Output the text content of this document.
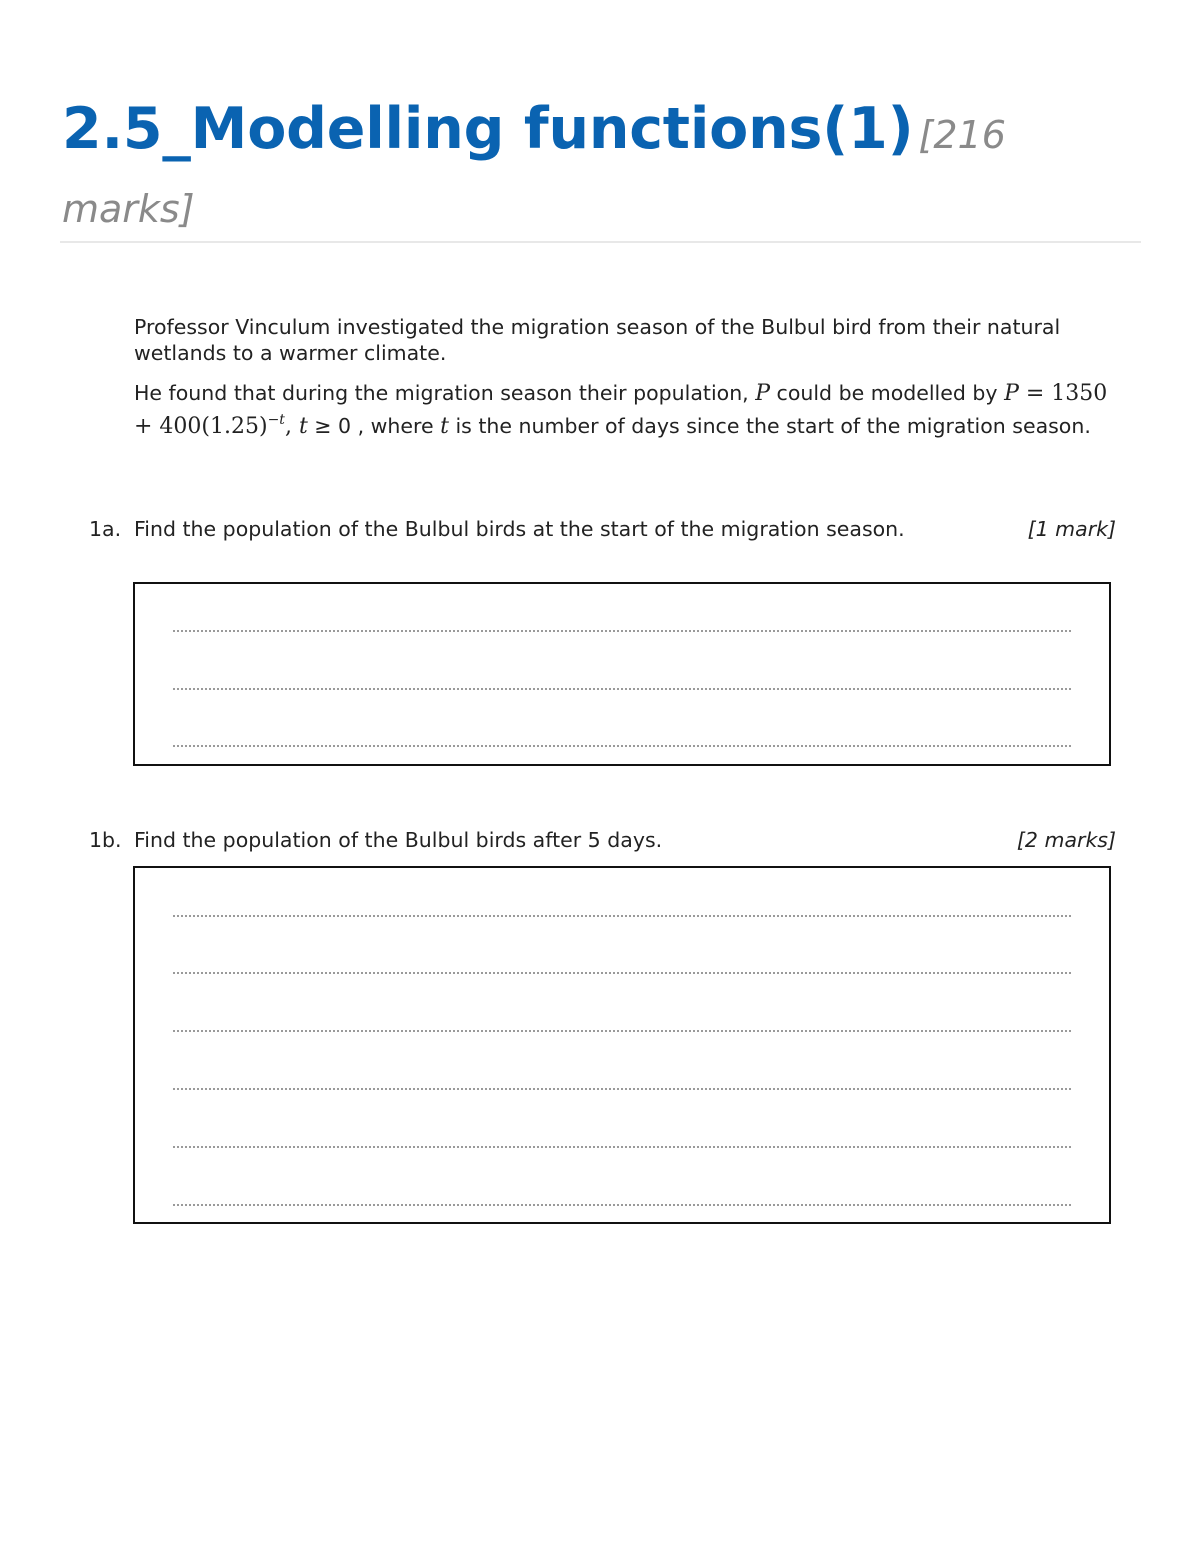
2.5_Modelling functions(1) [216 marks]

Professor Vinculum investigated the migration season of the Bulbul bird from their natural wetlands to a warmer climate.

He found that during the migration season their population, P could be modelled by $P = 1350 + 400(1.25)^{-t}$, t ≥ 0 , where t is the number of days since the start of the migration season.

1a. Find the population of the Bulbul birds at the start of the migration season.	[1 mark]
1b. Find the population of the Bulbul birds after 5 days.	[2 marks]
